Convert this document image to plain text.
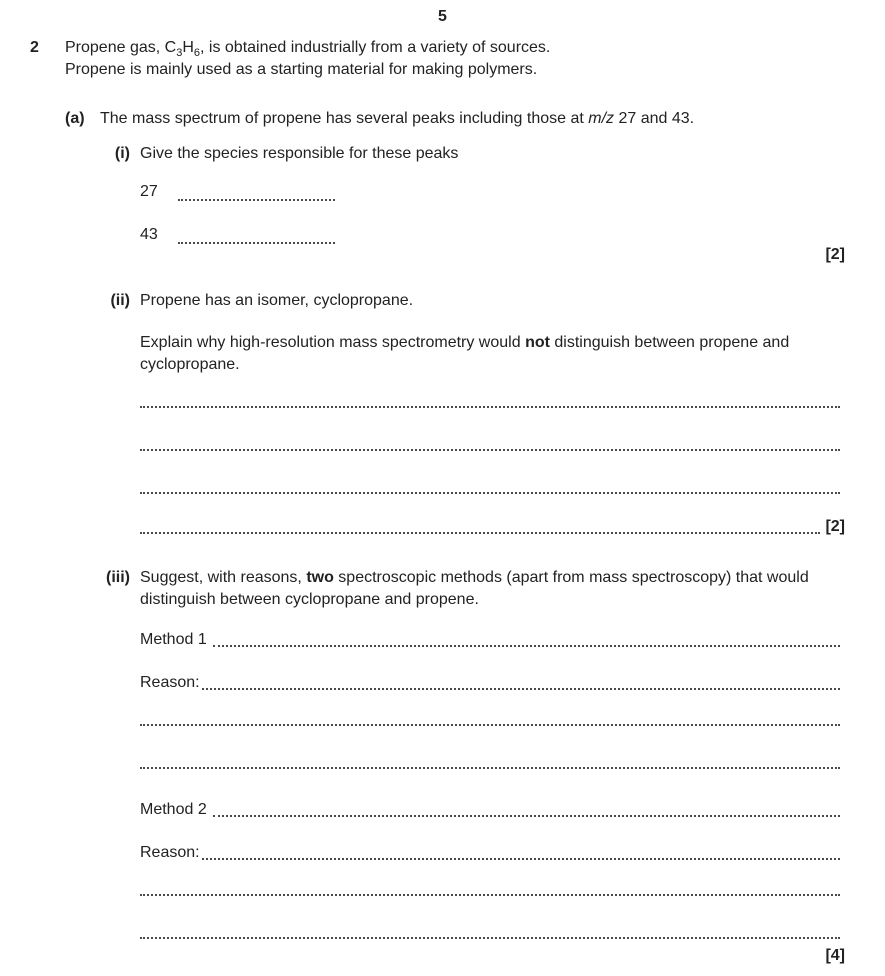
5
2 Propene gas, $C_3H_6$, is obtained industrially from a variety of sources.
Propene is mainly used as a starting material for making polymers.
(a) The mass spectrum of propene has several peaks including those at m/z 27 and 43.
(i) Give the species responsible for these peaks
27
43
[2]
(ii) Propene has an isomer, cyclopropane.
Explain why high-resolution mass spectrometry would not distinguish between propene and cyclopropane.
[2]
(iii) Suggest, with reasons, two spectroscopic methods (apart from mass spectroscopy) that would distinguish between cyclopropane and propene.
Method 1
Reason:
Method 2
Reason:
[4]
